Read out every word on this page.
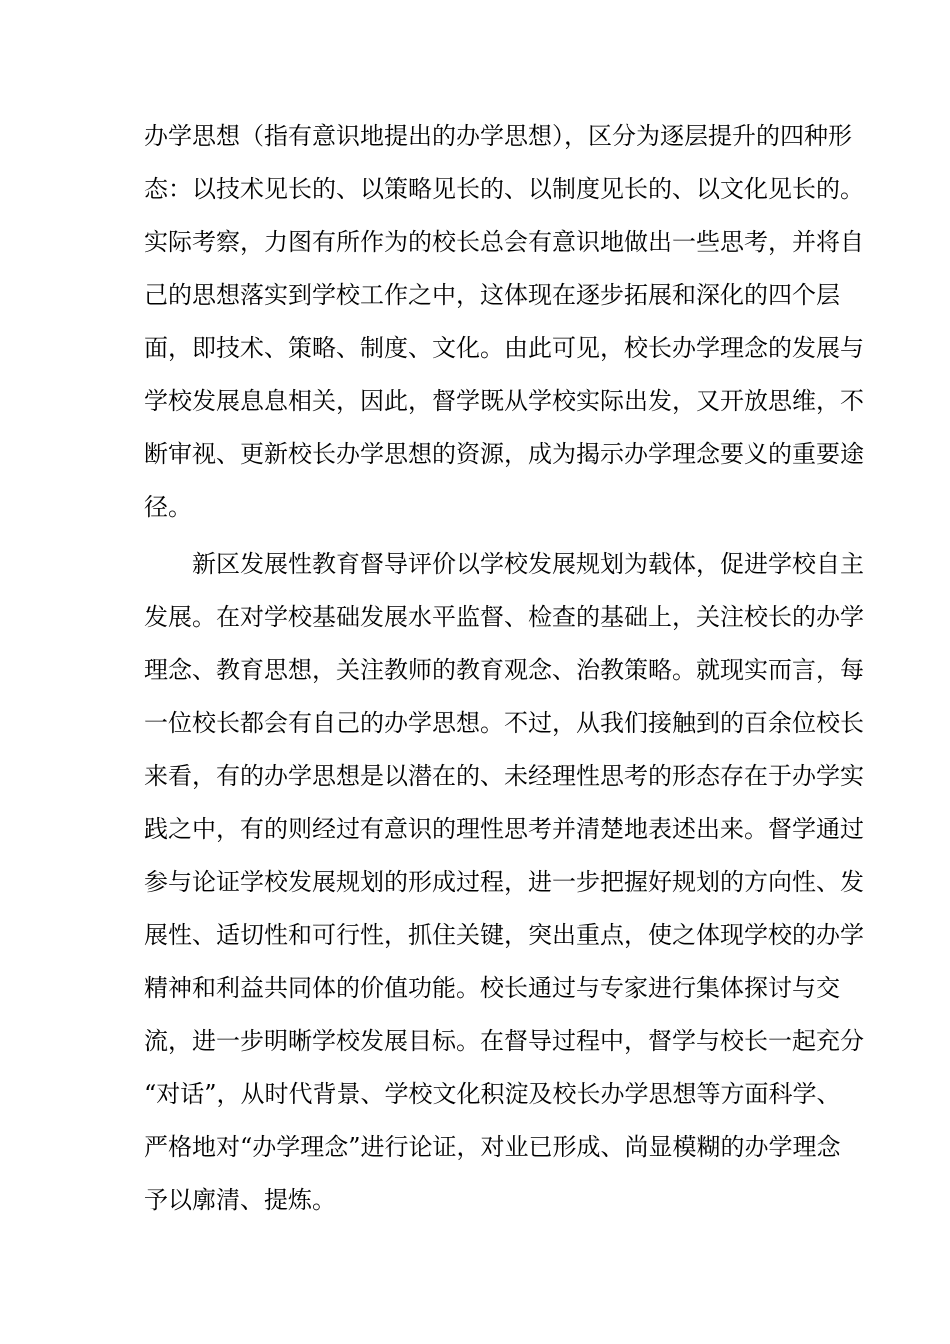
办学思想（指有意识地提出的办学思想），区分为逐层提升的四种形
态：以技术见长的、以策略见长的、以制度见长的、以文化见长的。
实际考察，力图有所作为的校长总会有意识地做出一些思考，并将自
己的思想落实到学校工作之中，这体现在逐步拓展和深化的四个层
面，即技术、策略、制度、文化。由此可见，校长办学理念的发展与
学校发展息息相关，因此，督学既从学校实际出发，又开放思维，不
断审视、更新校长办学思想的资源，成为揭示办学理念要义的重要途
径。
新区发展性教育督导评价以学校发展规划为载体，促进学校自主
发展。在对学校基础发展水平监督、检查的基础上，关注校长的办学
理念、教育思想，关注教师的教育观念、治教策略。就现实而言，每
一位校长都会有自己的办学思想。不过，从我们接触到的百余位校长
来看，有的办学思想是以潜在的、未经理性思考的形态存在于办学实
践之中，有的则经过有意识的理性思考并清楚地表述出来。督学通过
参与论证学校发展规划的形成过程，进一步把握好规划的方向性、发
展性、适切性和可行性，抓住关键，突出重点，使之体现学校的办学
精神和利益共同体的价值功能。校长通过与专家进行集体探讨与交
流，进一步明晰学校发展目标。在督导过程中，督学与校长一起充分
“对话”，从时代背景、学校文化积淀及校长办学思想等方面科学、
严格地对“办学理念”进行论证，对业已形成、尚显模糊的办学理念
予以廓清、提炼。
